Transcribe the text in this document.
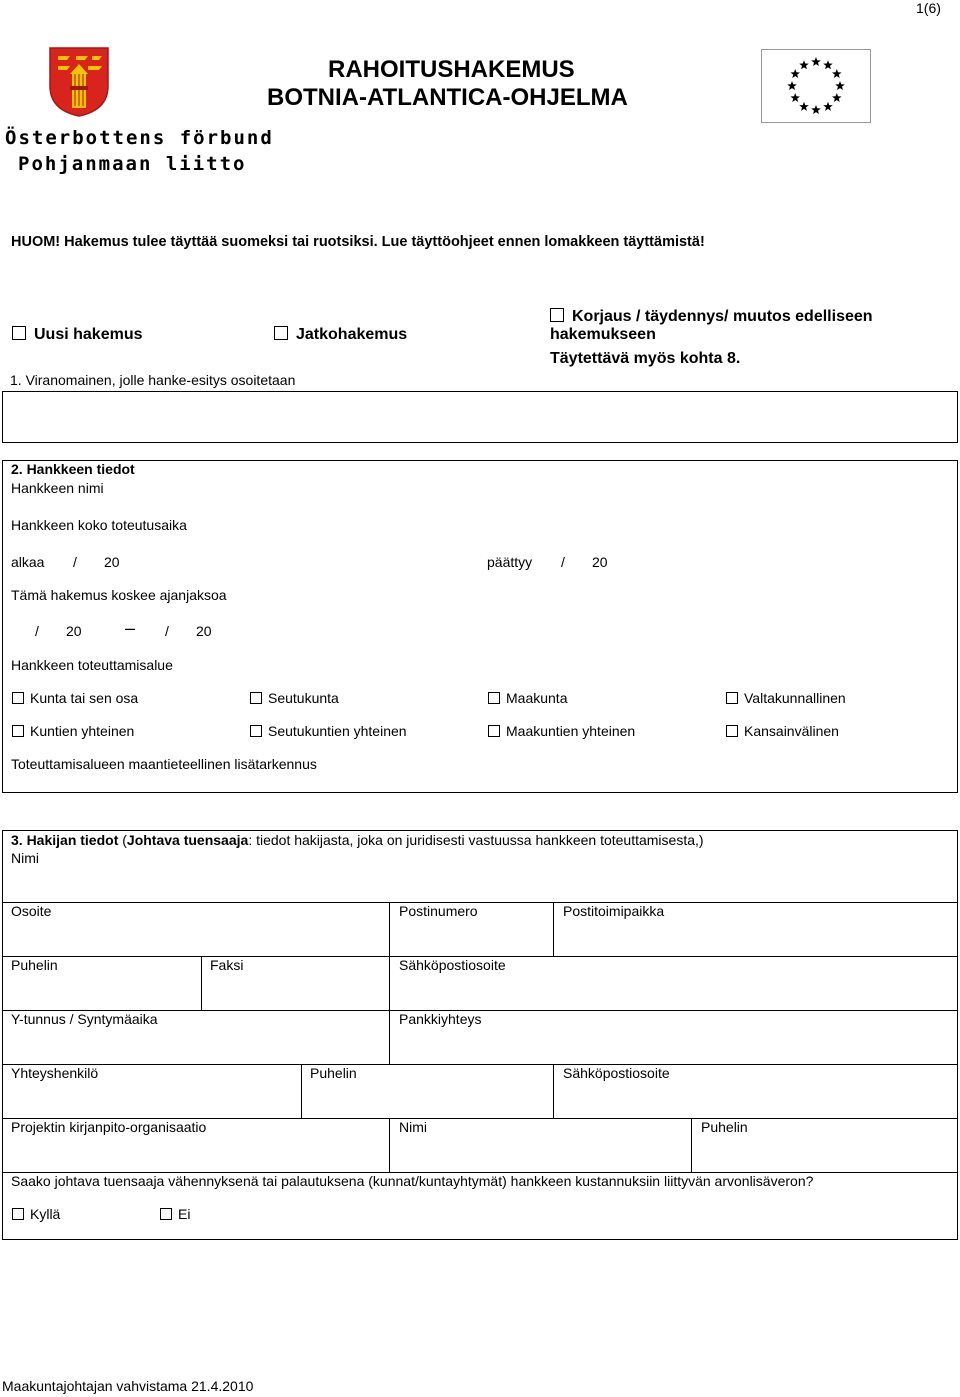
1(6)
Österbottens förbund
Pohjanmaan liitto
RAHOITUSHAKEMUS
BOTNIA-ATLANTICA-OHJELMA
HUOM! Hakemus tulee täyttää suomeksi tai ruotsiksi. Lue täyttöohjeet ennen lomakkeen täyttämistä!
Uusi hakemus	Jatkohakemus
Korjaus / täydennys/ muutos edelliseen
hakemukseen
Täytettävä myös kohta 8.
1. Viranomainen, jolle hanke-esitys osoitetaan
2. Hankkeen tiedot
Hankkeen nimi
Hankkeen koko toteutusaika
alkaa / 20	päättyy / 20
Tämä hakemus koskee ajanjaksoa
/ 20 – / 20
Hankkeen toteuttamisalue
Kunta tai sen osa	Seutukunta	Maakunta	Valtakunnallinen
Kuntien yhteinen	Seutukuntien yhteinen	Maakuntien yhteinen	Kansainvälinen
Toteuttamisalueen maantieteellinen lisätarkennus
3. Hakijan tiedot (Johtava tuensaaja: tiedot hakijasta, joka on juridisesti vastuussa hankkeen toteuttamisesta,)
Nimi
Osoite	Postinumero	Postitoimipaikka
Puhelin	Faksi	Sähköpostiosoite
Y-tunnus / Syntymäaika	Pankkiyhteys
Yhteyshenkilö	Puhelin	Sähköpostiosoite
Projektin kirjanpito-organisaatio	Nimi	Puhelin
Saako johtava tuensaaja vähennyksenä tai palautuksena (kunnat/kuntayhtymät) hankkeen kustannuksiin liittyvän arvonlisäveron?
Kyllä	Ei
Maakuntajohtajan vahvistama 21.4.2010
